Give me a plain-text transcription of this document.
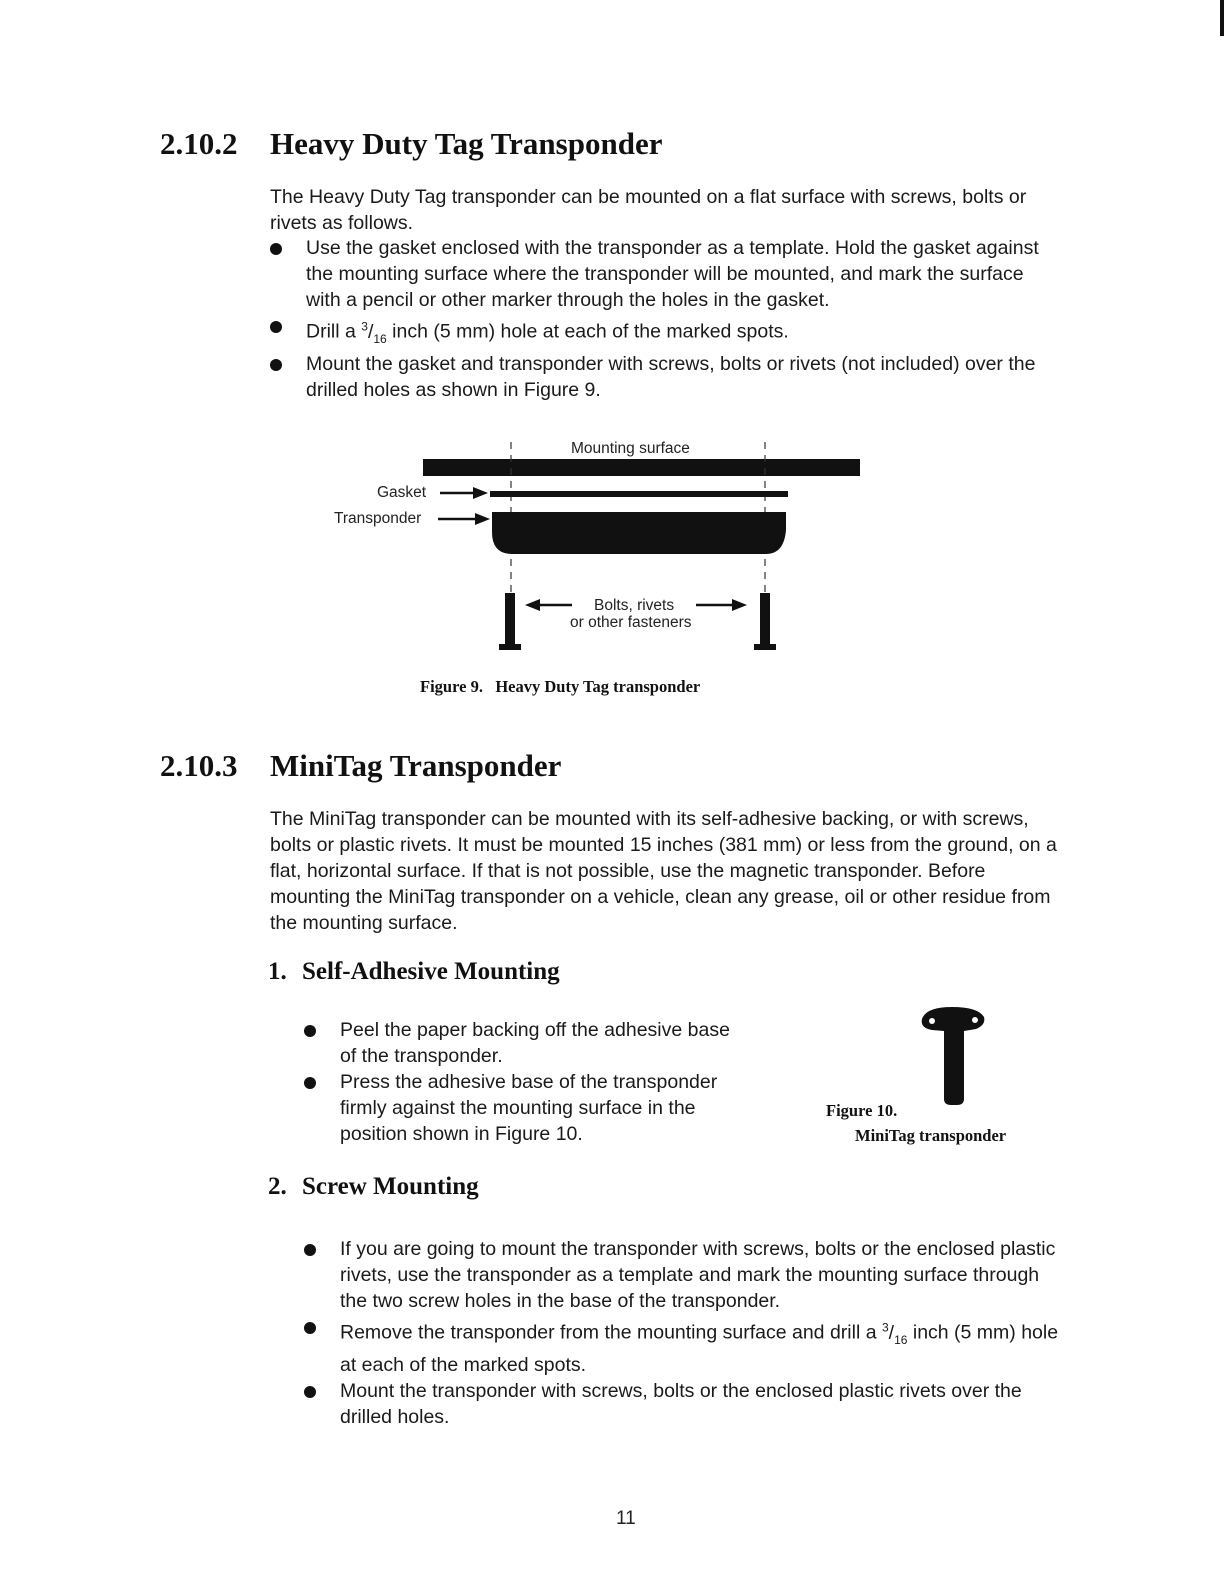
2.10.2 Heavy Duty Tag Transponder
The Heavy Duty Tag transponder can be mounted on a flat surface with screws, bolts or rivets as follows.
Use the gasket enclosed with the transponder as a template. Hold the gasket against the mounting surface where the transponder will be mounted, and mark the surface with a pencil or other marker through the holes in the gasket.
Drill a $^3/_{16}$ inch (5 mm) hole at each of the marked spots.
Mount the gasket and transponder with screws, bolts or rivets (not included) over the drilled holes as shown in Figure 9.
Mounting surface
Gasket
Transponder
Bolts, rivets
or other fasteners
Figure 9. Heavy Duty Tag transponder
2.10.3 MiniTag Transponder
The MiniTag transponder can be mounted with its self-adhesive backing, or with screws, bolts or plastic rivets. It must be mounted 15 inches (381 mm) or less from the ground, on a flat, horizontal surface. If that is not possible, use the magnetic transponder. Before mounting the MiniTag transponder on a vehicle, clean any grease, oil or other residue from the mounting surface.
1. Self-Adhesive Mounting
Peel the paper backing off the adhesive base of the transponder.
Press the adhesive base of the transponder firmly against the mounting surface in the position shown in Figure 10.
Figure 10.
MiniTag transponder
2. Screw Mounting
If you are going to mount the transponder with screws, bolts or the enclosed plastic rivets, use the transponder as a template and mark the mounting surface through the two screw holes in the base of the transponder.
Remove the transponder from the mounting surface and drill a $^3/_{16}$ inch (5 mm) hole at each of the marked spots.
Mount the transponder with screws, bolts or the enclosed plastic rivets over the drilled holes.
11
